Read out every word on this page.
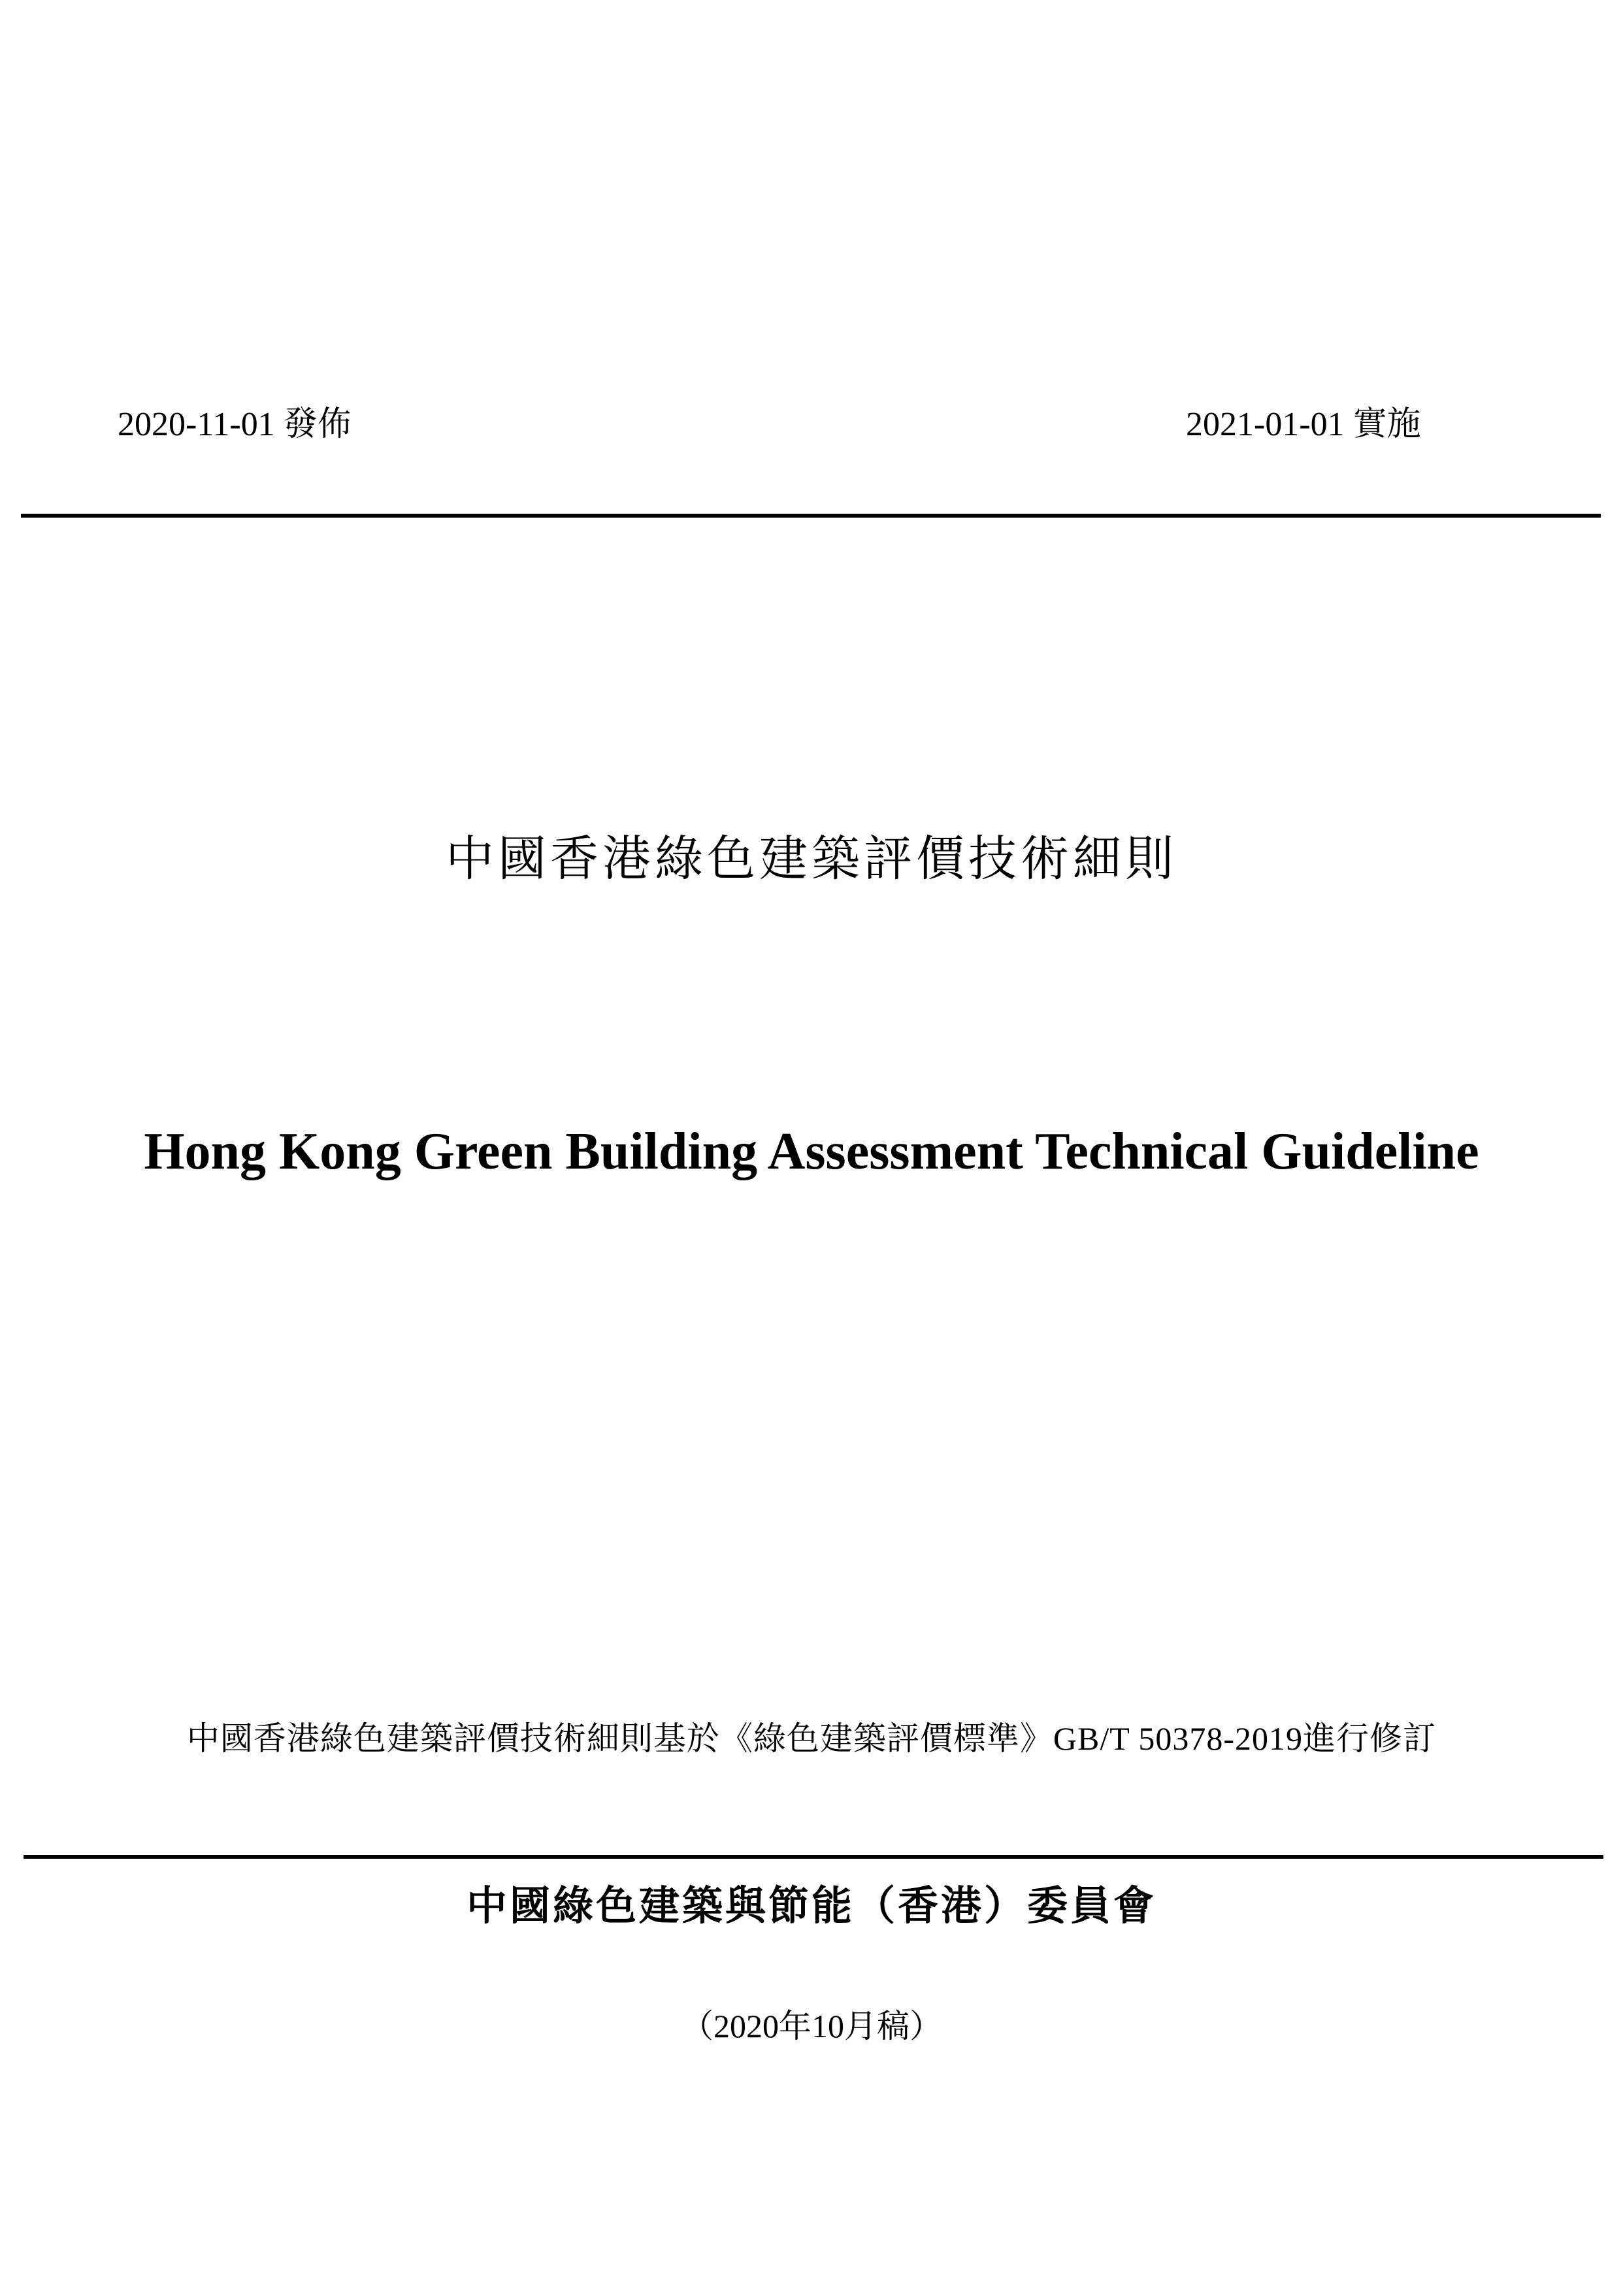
2020-11-01 發佈	2021-01-01 實施
中國香港綠色建築評價技術細則
Hong Kong Green Building Assessment Technical Guideline
中國香港綠色建築評價技術細則基於《綠色建築評價標準》GB/T 50378-2019進行修訂
中國綠色建築與節能（香港）委員會
（2020年10月稿）
